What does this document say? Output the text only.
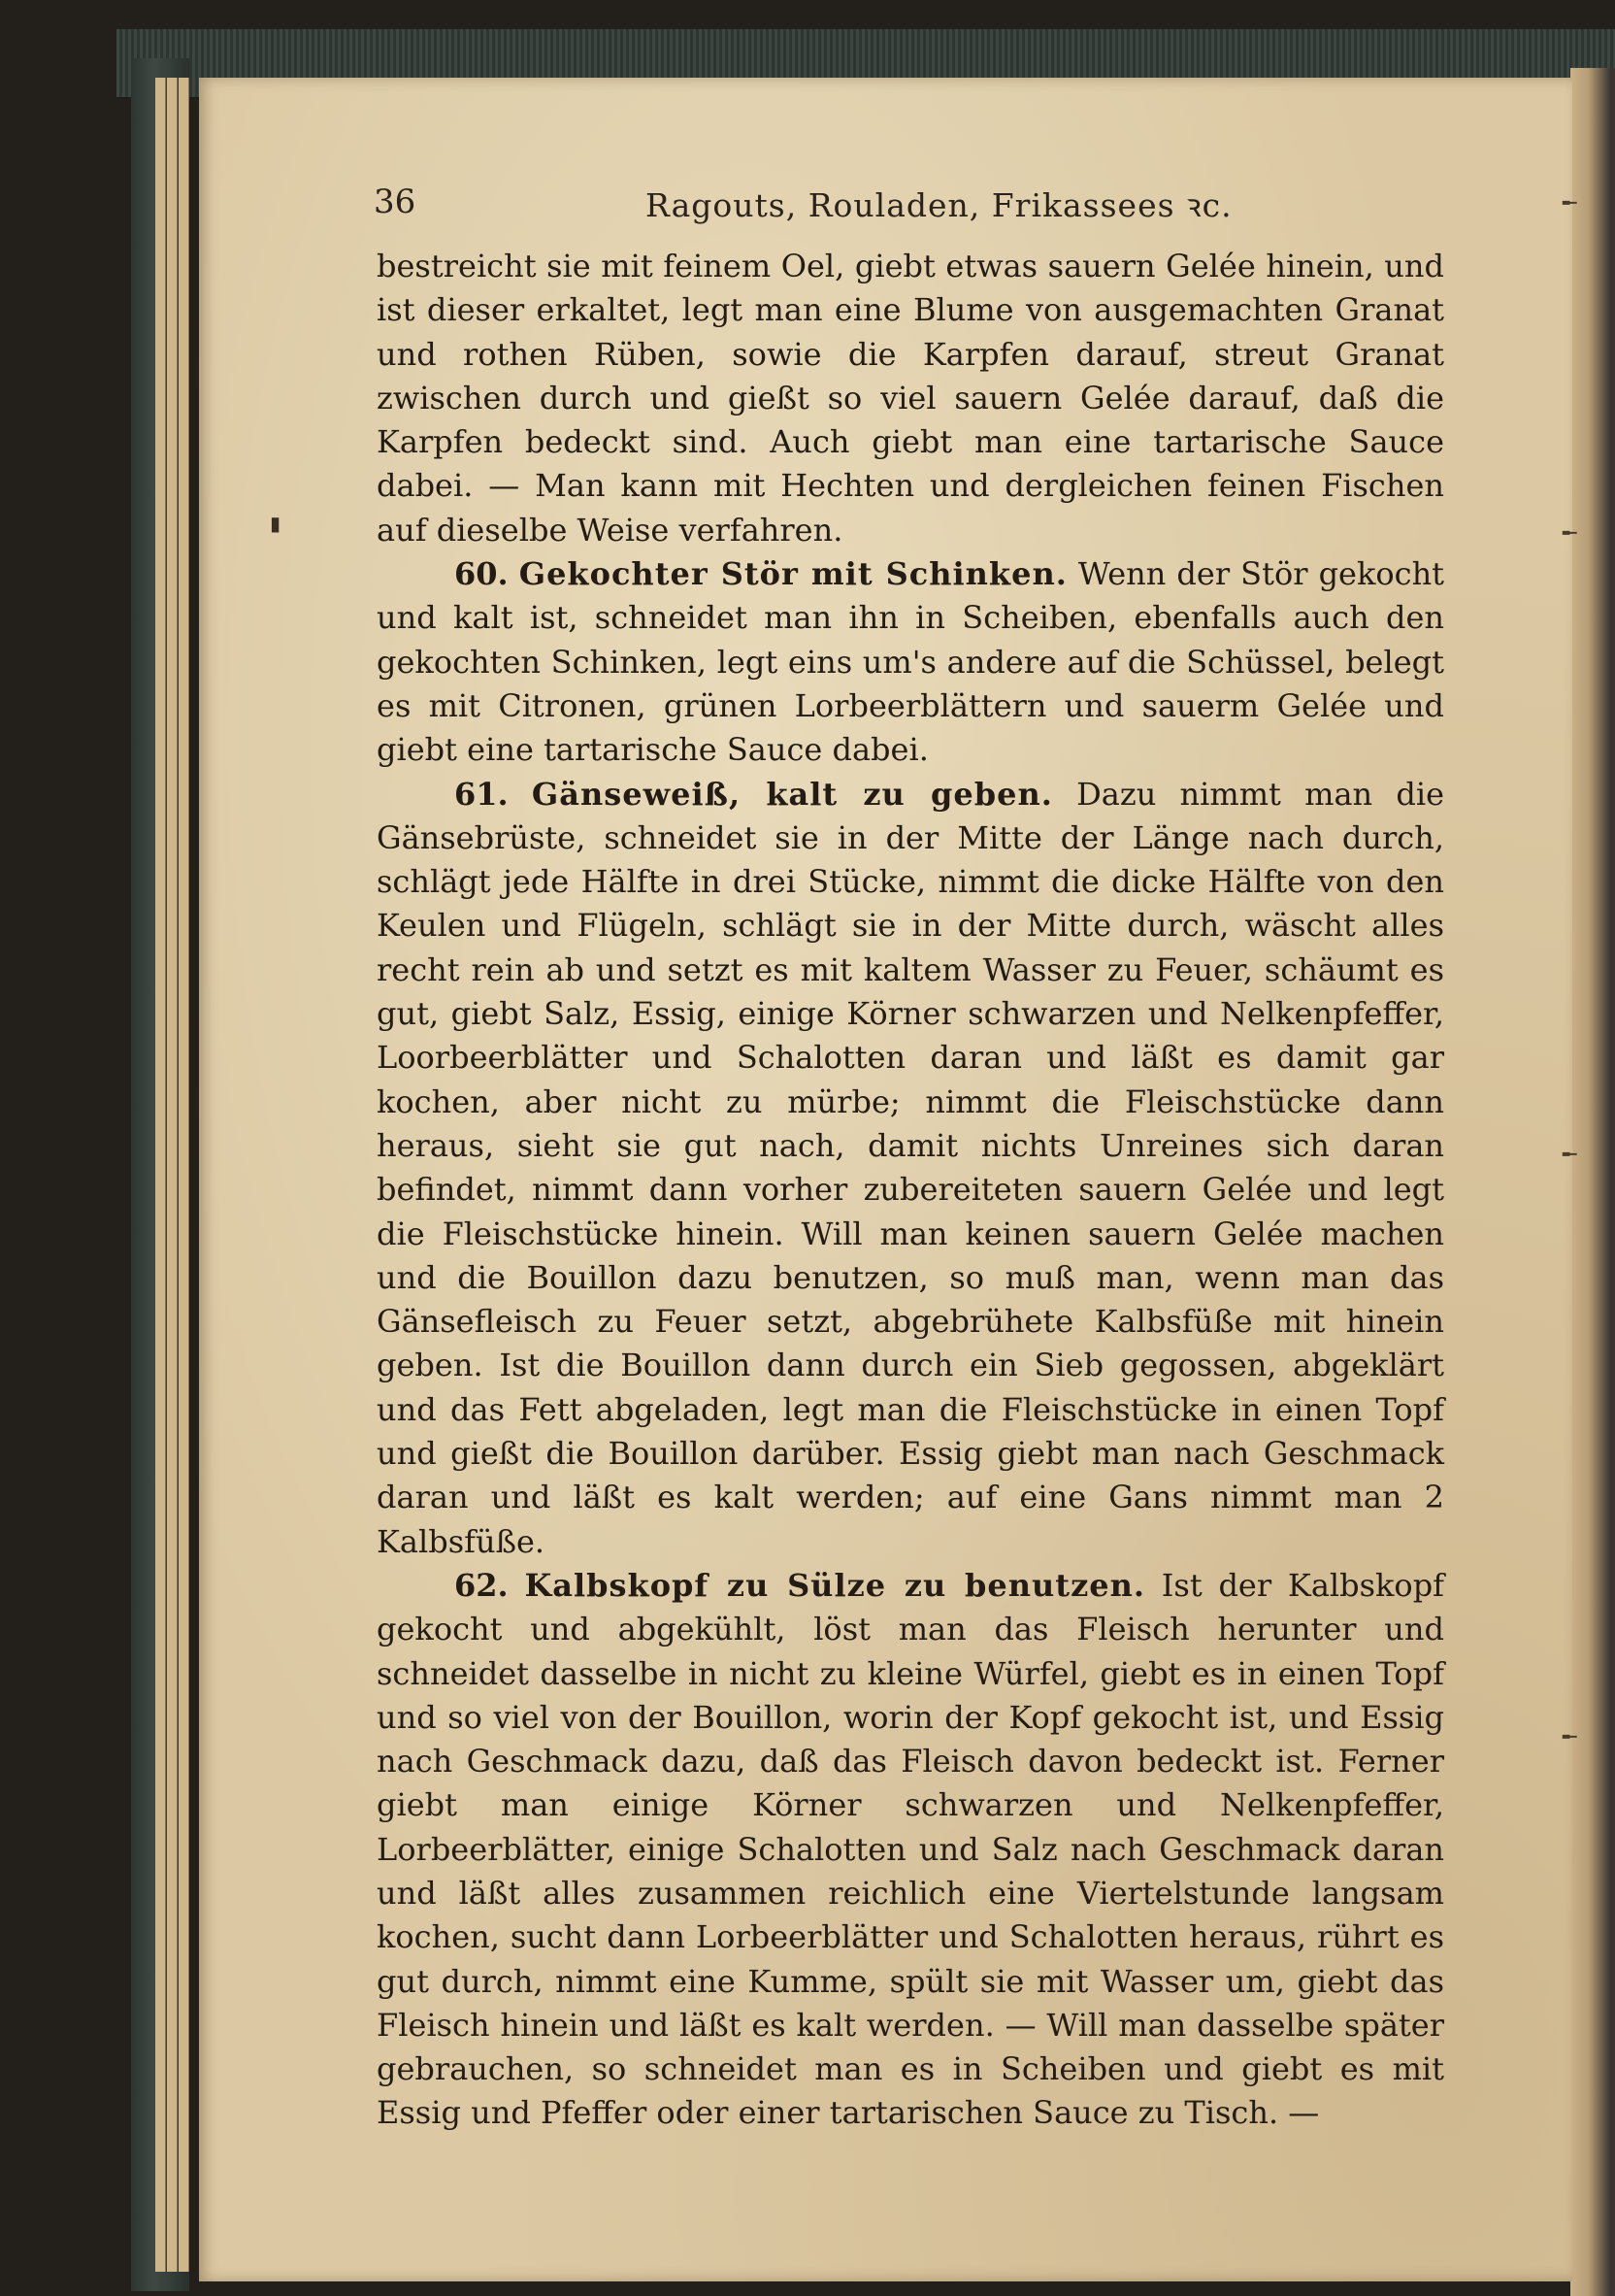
36	Ragouts, Rouladen, Frikassees ꝛc.

bestreicht sie mit feinem Oel, giebt etwas sauern Gelée hinein, und ist dieser erkaltet, legt man eine Blume von ausgemachten Granat und rothen Rüben, sowie die Karpfen darauf, streut Granat zwischen durch und gießt so viel sauern Gelée darauf, daß die Karpfen bedeckt sind. Auch giebt man eine tartarische Sauce dabei. — Man kann mit Hechten und dergleichen feinen Fischen auf dieselbe Weise verfahren.

60. Gekochter Stör mit Schinken. Wenn der Stör gekocht und kalt ist, schneidet man ihn in Scheiben, ebenfalls auch den gekochten Schinken, legt eins um's andere auf die Schüssel, belegt es mit Citronen, grünen Lorbeerblättern und sauerm Gelée und giebt eine tartarische Sauce dabei.

61. Gänseweiß, kalt zu geben. Dazu nimmt man die Gänsebrüste, schneidet sie in der Mitte der Länge nach durch, schlägt jede Hälfte in drei Stücke, nimmt die dicke Hälfte von den Keulen und Flügeln, schlägt sie in der Mitte durch, wäscht alles recht rein ab und setzt es mit kaltem Wasser zu Feuer, schäumt es gut, giebt Salz, Essig, einige Körner schwarzen und Nelkenpfeffer, Loorbeerblätter und Schalotten daran und läßt es damit gar kochen, aber nicht zu mürbe; nimmt die Fleischstücke dann heraus, sieht sie gut nach, damit nichts Unreines sich daran befindet, nimmt dann vorher zubereiteten sauern Gelée und legt die Fleischstücke hinein. Will man keinen sauern Gelée machen und die Bouillon dazu benutzen, so muß man, wenn man das Gänsefleisch zu Feuer setzt, abgebrühete Kalbsfüße mit hinein geben. Ist die Bouillon dann durch ein Sieb gegossen, abgeklärt und das Fett abgeladen, legt man die Fleischstücke in einen Topf und gießt die Bouillon darüber. Essig giebt man nach Geschmack daran und läßt es kalt werden; auf eine Gans nimmt man 2 Kalbsfüße.

62. Kalbskopf zu Sülze zu benutzen. Ist der Kalbskopf gekocht und abgekühlt, löst man das Fleisch herunter und schneidet dasselbe in nicht zu kleine Würfel, giebt es in einen Topf und so viel von der Bouillon, worin der Kopf gekocht ist, und Essig nach Geschmack dazu, daß das Fleisch davon bedeckt ist. Ferner giebt man einige Körner schwarzen und Nelkenpfeffer, Lorbeerblätter, einige Schalotten und Salz nach Geschmack daran und läßt alles zusammen reichlich eine Viertelstunde langsam kochen, sucht dann Lorbeerblätter und Schalotten heraus, rührt es gut durch, nimmt eine Kumme, spült sie mit Wasser um, giebt das Fleisch hinein und läßt es kalt werden. — Will man dasselbe später gebrauchen, so schneidet man es in Scheiben und giebt es mit Essig und Pfeffer oder einer tartarischen Sauce zu Tisch. —

╾
╾
╾
╾
▮
